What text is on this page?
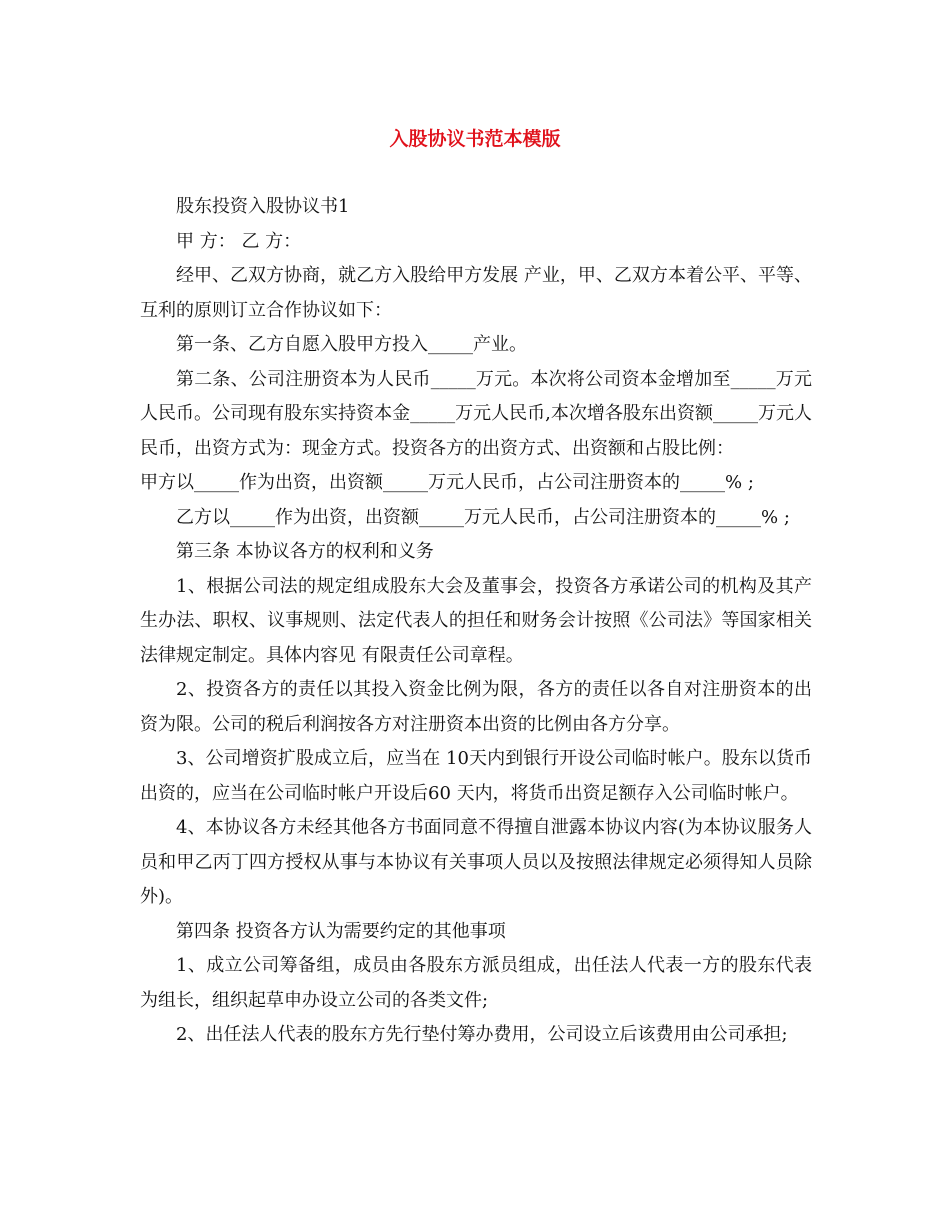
入股协议书范本模版

股东投资入股协议书1

甲 方： 乙 方：

经甲、乙双方协商，就乙方入股给甲方发展 产业，甲、乙双方本着公平、平等、互利的原则订立合作协议如下：

第一条、乙方自愿入股甲方投入_____产业。

第二条、公司注册资本为人民币_____万元。本次将公司资本金增加至_____万元人民币。公司现有股东实持资本金_____万元人民币,本次增各股东出资额_____万元人民币，出资方式为：现金方式。投资各方的出资方式、出资额和占股比例：

甲方以_____作为出资，出资额_____万元人民币，占公司注册资本的_____% ;

乙方以_____作为出资，出资额_____万元人民币，占公司注册资本的_____% ;

第三条 本协议各方的权利和义务

1、根据公司法的规定组成股东大会及董事会，投资各方承诺公司的机构及其产生办法、职权、议事规则、法定代表人的担任和财务会计按照《公司法》等国家相关法律规定制定。具体内容见 有限责任公司章程。

2、投资各方的责任以其投入资金比例为限，各方的责任以各自对注册资本的出资为限。公司的税后利润按各方对注册资本出资的比例由各方分享。

3、公司增资扩股成立后，应当在 10天内到银行开设公司临时帐户。股东以货币出资的，应当在公司临时帐户开设后60 天内，将货币出资足额存入公司临时帐户。

4、本协议各方未经其他各方书面同意不得擅自泄露本协议内容(为本协议服务人员和甲乙丙丁四方授权从事与本协议有关事项人员以及按照法律规定必须得知人员除外)。

第四条 投资各方认为需要约定的其他事项

1、成立公司筹备组，成员由各股东方派员组成，出任法人代表一方的股东代表为组长，组织起草申办设立公司的各类文件;

2、出任法人代表的股东方先行垫付筹办费用，公司设立后该费用由公司承担;
